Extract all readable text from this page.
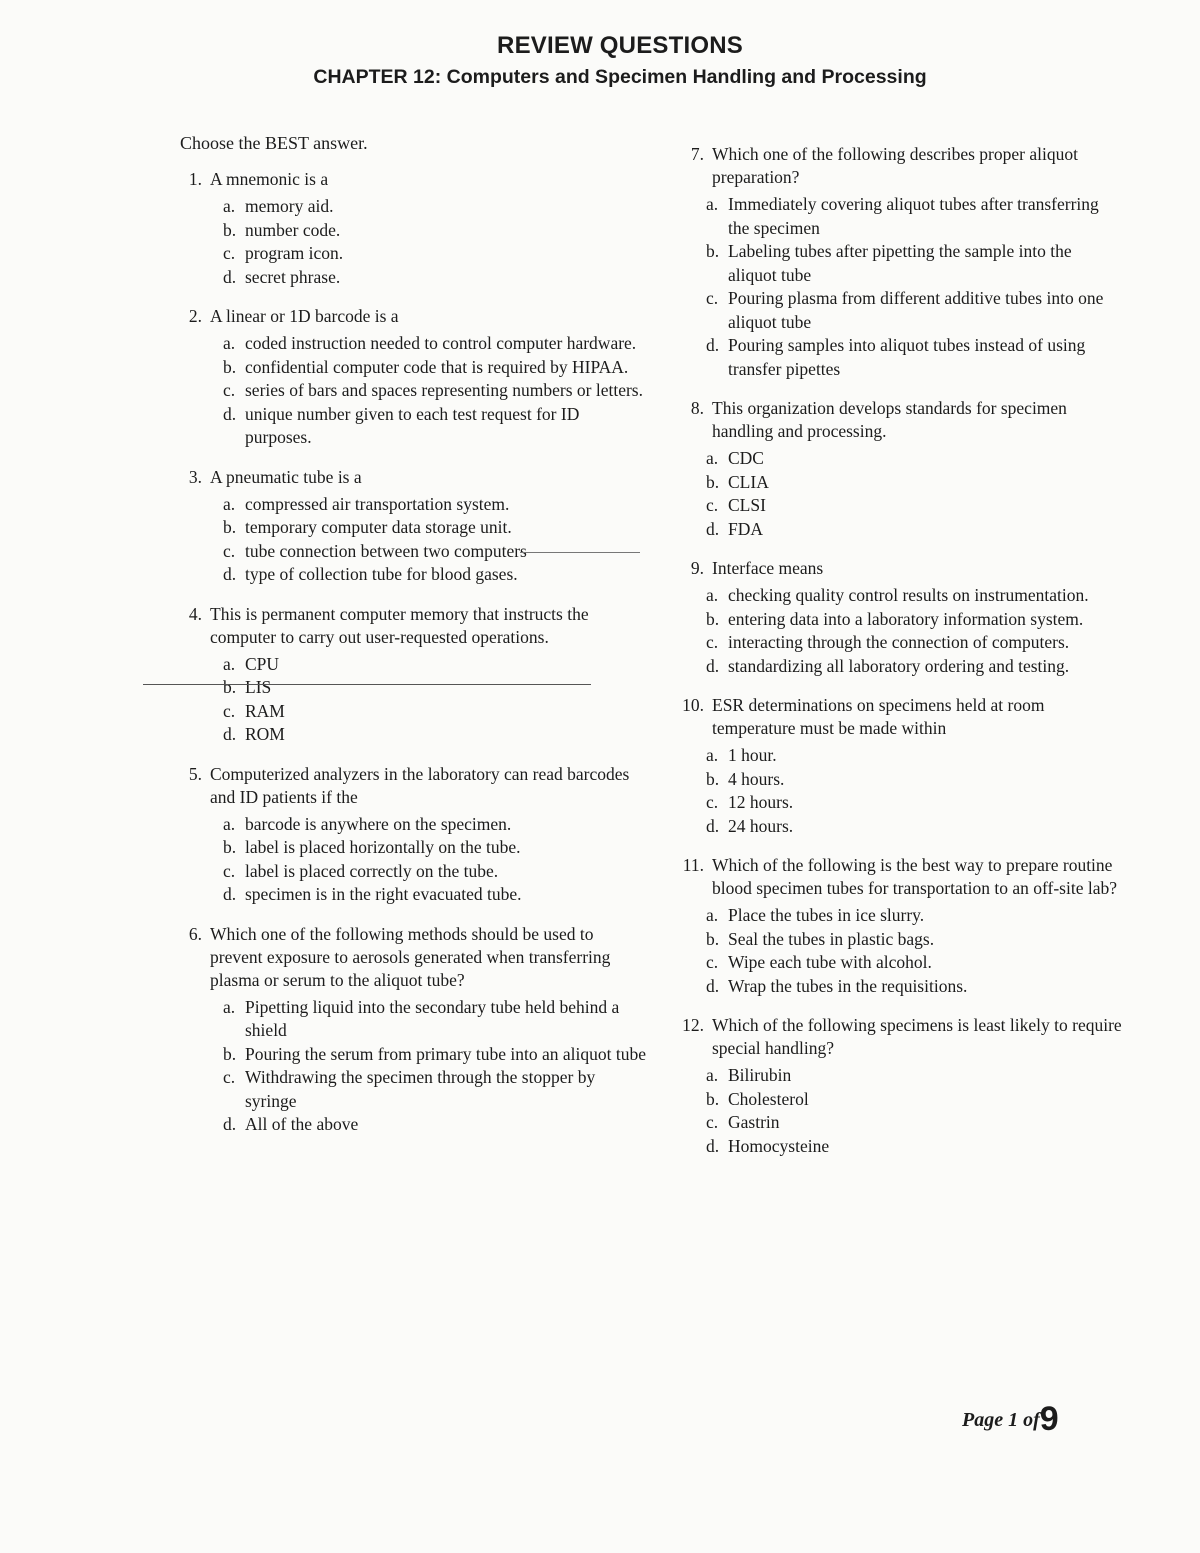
REVIEW QUESTIONS
CHAPTER 12: Computers and Specimen Handling and Processing
Choose the BEST answer.
1. A mnemonic is a
a. memory aid.
b. number code.
c. program icon.
d. secret phrase.
2. A linear or 1D barcode is a
a. coded instruction needed to control computer hardware.
b. confidential computer code that is required by HIPAA.
c. series of bars and spaces representing numbers or letters.
d. unique number given to each test request for ID purposes.
3. A pneumatic tube is a
a. compressed air transportation system.
b. temporary computer data storage unit.
c. tube connection between two computers
d. type of collection tube for blood gases.
4. This is permanent computer memory that instructs the computer to carry out user-requested operations.
a. CPU
b. LIS
c. RAM
d. ROM
5. Computerized analyzers in the laboratory can read barcodes and ID patients if the
a. barcode is anywhere on the specimen.
b. label is placed horizontally on the tube.
c. label is placed correctly on the tube.
d. specimen is in the right evacuated tube.
6. Which one of the following methods should be used to prevent exposure to aerosols generated when transferring plasma or serum to the aliquot tube?
a. Pipetting liquid into the secondary tube held behind a shield
b. Pouring the serum from primary tube into an aliquot tube
c. Withdrawing the specimen through the stopper by syringe
d. All of the above
7. Which one of the following describes proper aliquot preparation?
a. Immediately covering aliquot tubes after transferring the specimen
b. Labeling tubes after pipetting the sample into the aliquot tube
c. Pouring plasma from different additive tubes into one aliquot tube
d. Pouring samples into aliquot tubes instead of using transfer pipettes
8. This organization develops standards for specimen handling and processing.
a. CDC
b. CLIA
c. CLSI
d. FDA
9. Interface means
a. checking quality control results on instrumentation.
b. entering data into a laboratory information system.
c. interacting through the connection of computers.
d. standardizing all laboratory ordering and testing.
10. ESR determinations on specimens held at room temperature must be made within
a. 1 hour.
b. 4 hours.
c. 12 hours.
d. 24 hours.
11. Which of the following is the best way to prepare routine blood specimen tubes for transportation to an off-site lab?
a. Place the tubes in ice slurry.
b. Seal the tubes in plastic bags.
c. Wipe each tube with alcohol.
d. Wrap the tubes in the requisitions.
12. Which of the following specimens is least likely to require special handling?
a. Bilirubin
b. Cholesterol
c. Gastrin
d. Homocysteine
Page 1 of9
